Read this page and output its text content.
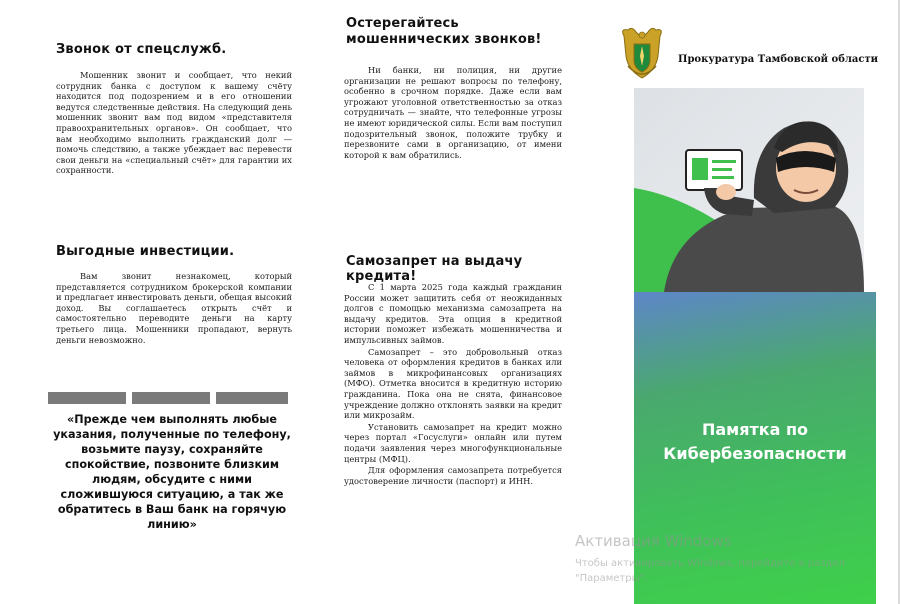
Звонок от спецслужб.

Мошенник звонит и сообщает, что некий сотрудник банка с доступом к вашему счёту находится под подозрением и в его отношении ведутся следственные действия. На следующий день мошенник звонит вам под видом «представителя правоохранительных органов». Он сообщает, что вам необходимо выполнить гражданский долг — помочь следствию, а также убеждает вас перевести свои деньги на «специальный счёт» для гарантии их сохранности.

Выгодные инвестиции.

Вам звонит незнакомец, который представляется сотрудником брокерской компании и предлагает инвестировать деньги, обещая высокий доход. Вы соглашаетесь открыть счёт и самостоятельно переводите деньги на карту третьего лица. Мошенники пропадают, вернуть деньги невозможно.

«Прежде чем выполнять любые указания, полученные по телефону, возьмите паузу, сохраняйте спокойствие, позвоните близким людям, обсудите с ними сложившуюся ситуацию, а так же обратитесь в Ваш банк на горячую линию»
Остерегайтесь мошеннических звонков!

Ни банки, ни полиция, ни другие организации не решают вопросы по телефону, особенно в срочном порядке. Даже если вам угрожают уголовной ответственностью за отказ сотрудничать — знайте, что телефонные угрозы не имеют юридической силы. Если вам поступил подозрительный звонок, положите трубку и перезвоните сами в организацию, от имени которой к вам обратились.

Самозапрет на выдачу кредита!

С 1 марта 2025 года каждый гражданин России может защитить себя от неожиданных долгов с помощью механизма самозапрета на выдачу кредитов. Эта опция в кредитной истории поможет избежать мошенничества и импульсивных займов.

Самозапрет – это добровольный отказ человека от оформления кредитов в банках или займов в микрофинансовых организациях (МФО). Отметка вносится в кредитную историю гражданина. Пока она не снята, финансовое учреждение должно отклонять заявки на кредит или микрозайм.

Установить самозапрет на кредит можно через портал «Госуслуги» онлайн или путем подачи заявления через многофункциональные центры (МФЦ).

Для оформления самозапрета потребуется удостоверение личности (паспорт) и ИНН.

Прокуратура Тамбовской области
Памятка по Кибербезопасности
Активация Windows
Чтобы активировать Windows, перейдите в раздел
"Параметры".
